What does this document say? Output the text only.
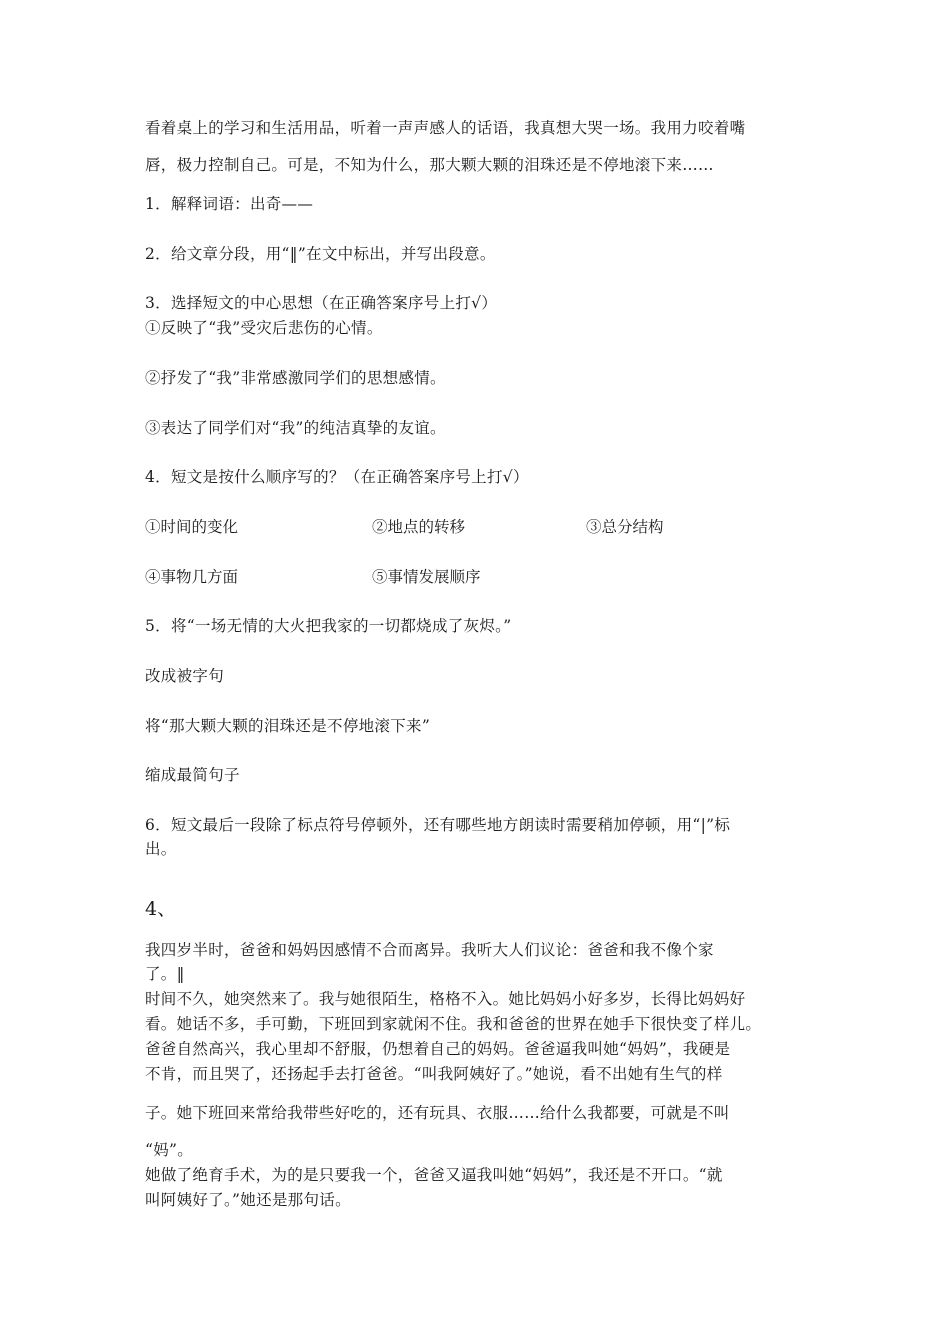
看着桌上的学习和生活用品，听着一声声感人的话语，我真想大哭一场。我用力咬着嘴
唇，极力控制自己。可是，不知为什么，那大颗大颗的泪珠还是不停地滚下来……
1．解释词语：出奇——
2．给文章分段，用“‖”在文中标出，并写出段意。
3．选择短文的中心思想（在正确答案序号上打√）
①反映了“我”受灾后悲伤的心情。
②抒发了“我”非常感激同学们的思想感情。
③表达了同学们对“我”的纯洁真挚的友谊。
4．短文是按什么顺序写的？（在正确答案序号上打√）
①时间的变化	②地点的转移	③总分结构
④事物几方面	⑤事情发展顺序
5．将“一场无情的大火把我家的一切都烧成了灰烬。”
改成被字句
将“那大颗大颗的泪珠还是不停地滚下来”
缩成最简句子
6．短文最后一段除了标点符号停顿外，还有哪些地方朗读时需要稍加停顿，用“|”标
出。
4、
我四岁半时，爸爸和妈妈因感情不合而离异。我听大人们议论：爸爸和我不像个家
了。‖
时间不久，她突然来了。我与她很陌生，格格不入。她比妈妈小好多岁，长得比妈妈好
看。她话不多，手可勤，下班回到家就闲不住。我和爸爸的世界在她手下很快变了样儿。
爸爸自然高兴，我心里却不舒服，仍想着自己的妈妈。爸爸逼我叫她“妈妈”，我硬是
不肯，而且哭了，还扬起手去打爸爸。“叫我阿姨好了。”她说，看不出她有生气的样
子。她下班回来常给我带些好吃的，还有玩具、衣服……给什么我都要，可就是不叫
“妈”。
她做了绝育手术，为的是只要我一个，爸爸又逼我叫她“妈妈”，我还是不开口。“就
叫阿姨好了。”她还是那句话。
